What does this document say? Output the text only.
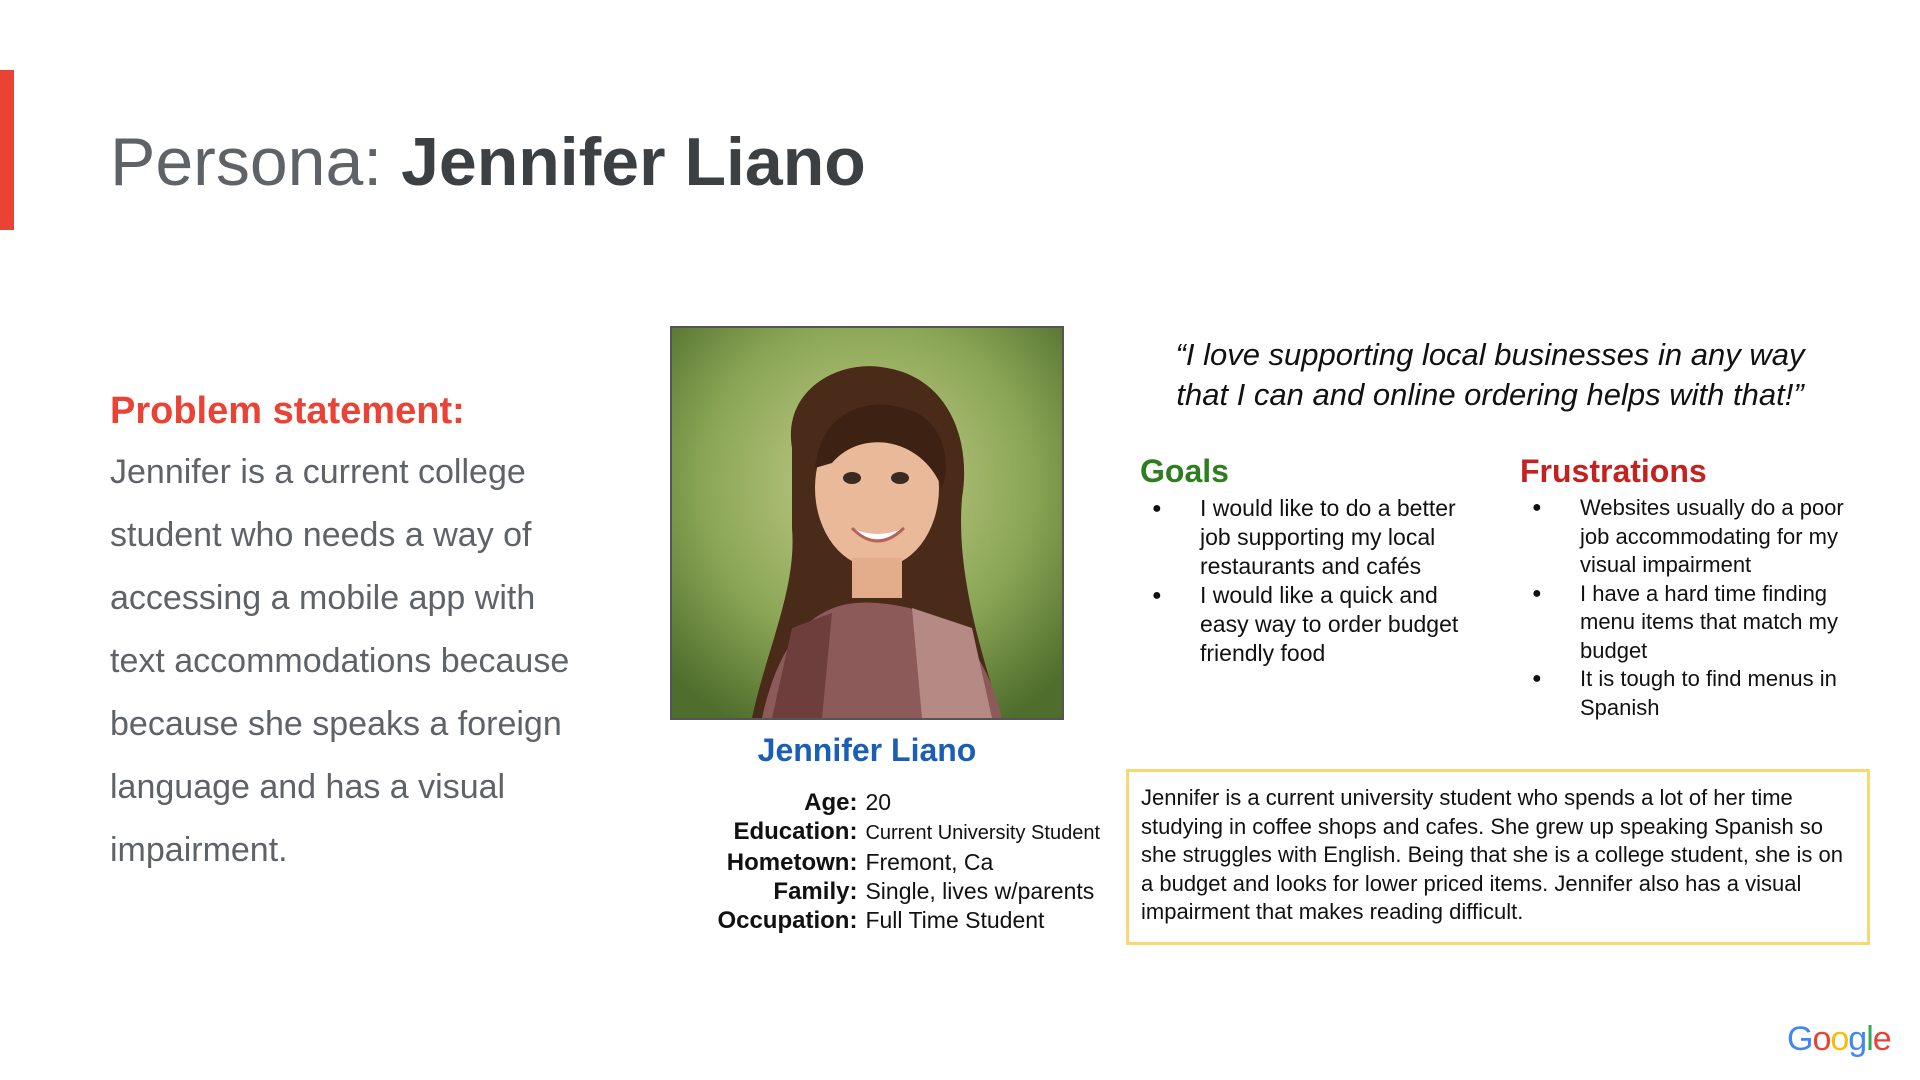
Persona: Jennifer Liano

Problem statement:

Jennifer is a current college student who needs a way of accessing a mobile app with text accommodations because because she speaks a foreign language and has a visual impairment.

Jennifer Liano

Age:	20
Education:	Current University Student
Hometown:	Fremont, Ca
Family:	Single, lives w/parents
Occupation:	Full Time Student

“I love supporting local businesses in any way
that I can and online ordering helps with that!”

Goals
● I would like to do a better job supporting my local restaurants and cafés
● I would like a quick and easy way to order budget friendly food
Frustrations
● Websites usually do a poor job accommodating for my visual impairment
● I have a hard time finding menu items that match my budget
● It is tough to find menus in Spanish

Jennifer is a current university student who spends a lot of her time studying in coffee shops and cafes. She grew up speaking Spanish so she struggles with English. Being that she is a college student, she is on a budget and looks for lower priced items. Jennifer also has a visual impairment that makes reading difficult.

Google
